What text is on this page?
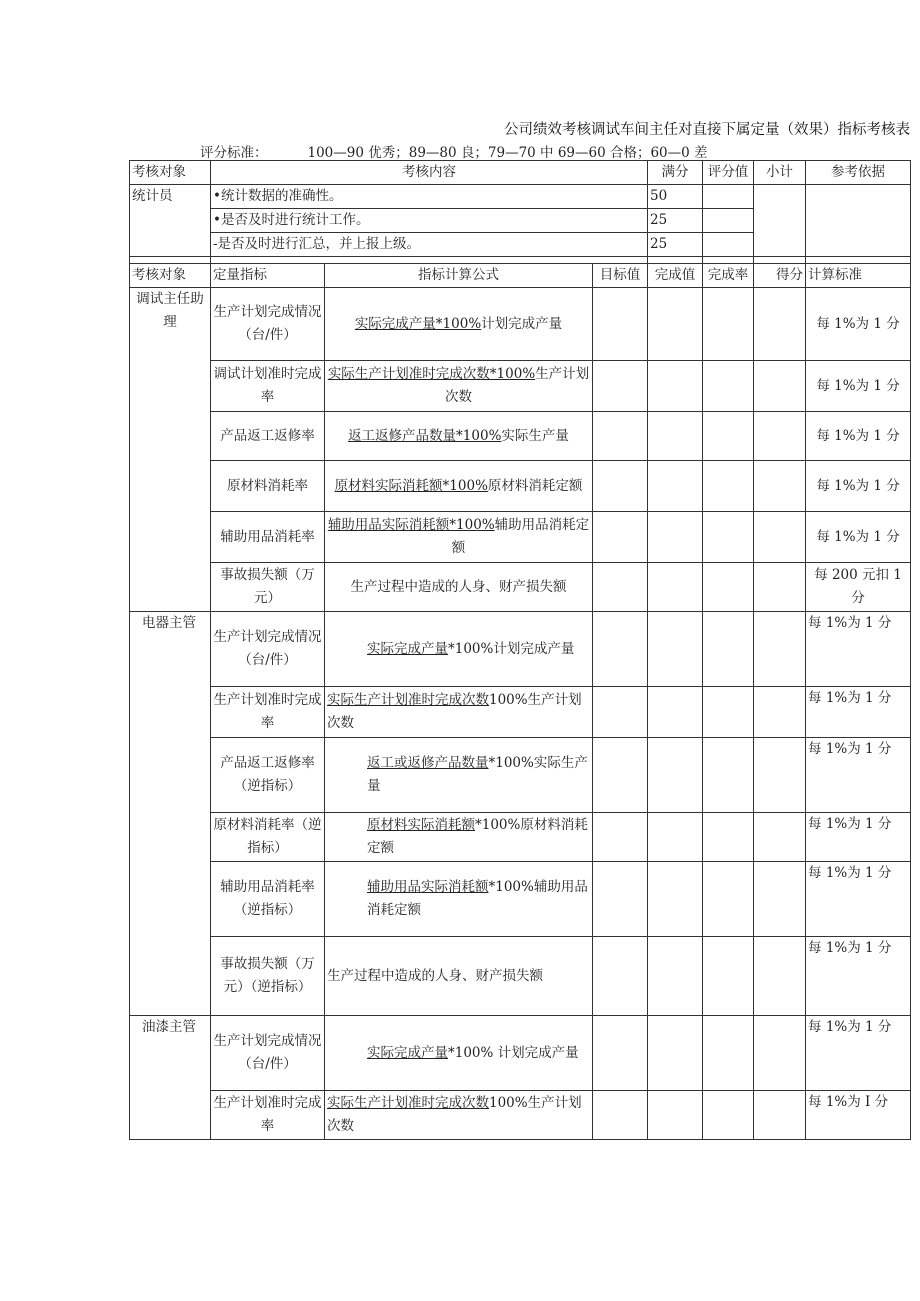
公司绩效考核调试车间主任对直接下属定量（效果）指标考核表
评分标准：	100—90 优秀；89—80 良；79—70 中 69—60 合格；60—0 差
考核对象	考核内容			满分	评分值	小计	参考依据
统计员	•统计数据的准确性。			50			
	•是否及时进行统计工作。			25			
	-是否及时进行汇总，并上报上级。			25			

考核对象	定量指标	指标计算公式	目标值	完成值	完成率	得分	计算标准
调试主任助理	生产计划完成情况（台/件）	实际完成产量*100%计划完成产量					每 1%为 1 分
	调试计划准时完成率	实际生产计划准时完成次数*100%生产计划次数					每 1%为 1 分
	产品返工返修率	返工返修产品数量*100%实际生产量					每 1%为 1 分
	原材料消耗率	原材料实际消耗额*100%原材料消耗定额					每 1%为 1 分
	辅助用品消耗率	辅助用品实际消耗额*100%辅助用品消耗定额					每 1%为 1 分
	事故损失额（万元）	生产过程中造成的人身、财产损失额					每 200 元扣 1 分
电器主管	生产计划完成情况（台/件）	实际完成产量*100%计划完成产量					每 1%为 1 分
	生产计划准时完成率	实际生产计划准时完成次数100%生产计划次数					每 1%为 1 分
	产品返工返修率（逆指标）	返工或返修产品数量*100%实际生产量					每 1%为 1 分
	原材料消耗率（逆指标）	原材料实际消耗额*100%原材料消耗定额					每 1%为 1 分
	辅助用品消耗率（逆指标）	辅助用品实际消耗额*100%辅助用品消耗定额					每 1%为 1 分
	事故损失额（万元）（逆指标）	生产过程中造成的人身、财产损失额					每 1%为 1 分
油漆主管	生产计划完成情况（台/件）	实际完成产量*100% 计划完成产量					每 1%为 1 分
	生产计划准时完成率	实际生产计划准时完成次数100%生产计划次数					每 1%为 I 分
